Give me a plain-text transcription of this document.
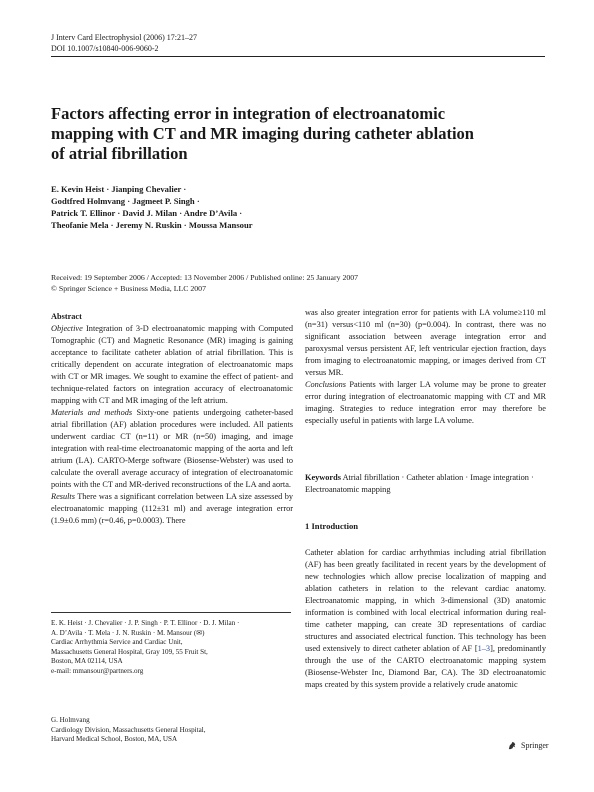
J Interv Card Electrophysiol (2006) 17:21–27
DOI 10.1007/s10840-006-9060-2
Factors affecting error in integration of electroanatomic mapping with CT and MR imaging during catheter ablation of atrial fibrillation
E. Kevin Heist · Jianping Chevalier ·
Godtfred Holmvang · Jagmeet P. Singh ·
Patrick T. Ellinor · David J. Milan · Andre D’Avila ·
Theofanie Mela · Jeremy N. Ruskin · Moussa Mansour
Received: 19 September 2006 / Accepted: 13 November 2006 / Published online: 25 January 2007
© Springer Science + Business Media, LLC 2007

Abstract

Objective Integration of 3-D electroanatomic mapping with Computed Tomographic (CT) and Magnetic Resonance (MR) imaging is gaining acceptance to facilitate catheter ablation of atrial fibrillation. This is critically dependent on accurate integration of electroanatomic maps with CT or MR images. We sought to examine the effect of patient- and technique-related factors on integration accuracy of electroanatomic mapping with CT and MR imaging of the left atrium.

Materials and methods Sixty-one patients undergoing catheter-based atrial fibrillation (AF) ablation procedures were included. All patients underwent cardiac CT (n=11) or MR (n=50) imaging, and image integration with real-time electroanatomic mapping of the aorta and left atrium (LA). CARTO-Merge software (Biosense-Webster) was used to calculate the overall average accuracy of integration of electroanatomic points with the CT and MR-derived reconstructions of the LA and aorta.

Results There was a significant correlation between LA size assessed by electroanatomic mapping (112±31 ml) and average integration error (1.9±0.6 mm) (r=0.46, p=0.0003). There

was also greater integration error for patients with LA volume≥110 ml (n=31) versus<110 ml (n=30) (p=0.004). In contrast, there was no significant association between average integration error and paroxysmal versus persistent AF, left ventricular ejection fraction, days from imaging to electroanatomic mapping, or images derived from CT versus MR.

Conclusions Patients with larger LA volume may be prone to greater error during integration of electroanatomic mapping with CT and MR imaging. Strategies to reduce integration error may therefore be especially useful in patients with large LA volume.

Keywords Atrial fibrillation · Catheter ablation · Image integration · Electroanatomic mapping
1 Introduction
Catheter ablation for cardiac arrhythmias including atrial fibrillation (AF) has been greatly facilitated in recent years by the development of new technologies which allow precise localization of mapping and ablation catheters in relation to the relevant cardiac anatomy. Electroanatomic mapping, in which 3-dimensional (3D) anatomic information is combined with local electrical information during real-time catheter mapping, can create 3D representations of cardiac structures and associated electrical function. This technology has been used extensively to direct catheter ablation of AF [1–3], predominantly through the use of the CARTO electroanatomic mapping system (Biosense-Webster Inc, Diamond Bar, CA). The 3D electroanatomic maps created by this system provide a relatively crude anatomic
E. K. Heist · J. Chevalier · J. P. Singh · P. T. Ellinor · D. J. Milan ·
A. D’Avila · T. Mela · J. N. Ruskin · M. Mansour (✉)
Cardiac Arrhythmia Service and Cardiac Unit,
Massachusetts General Hospital, Gray 109, 55 Fruit St,
Boston, MA 02114, USA
e-mail: mmansour@partners.org
G. Holmvang
Cardiology Division, Massachusetts General Hospital,
Harvard Medical School, Boston, MA, USA
Springer
